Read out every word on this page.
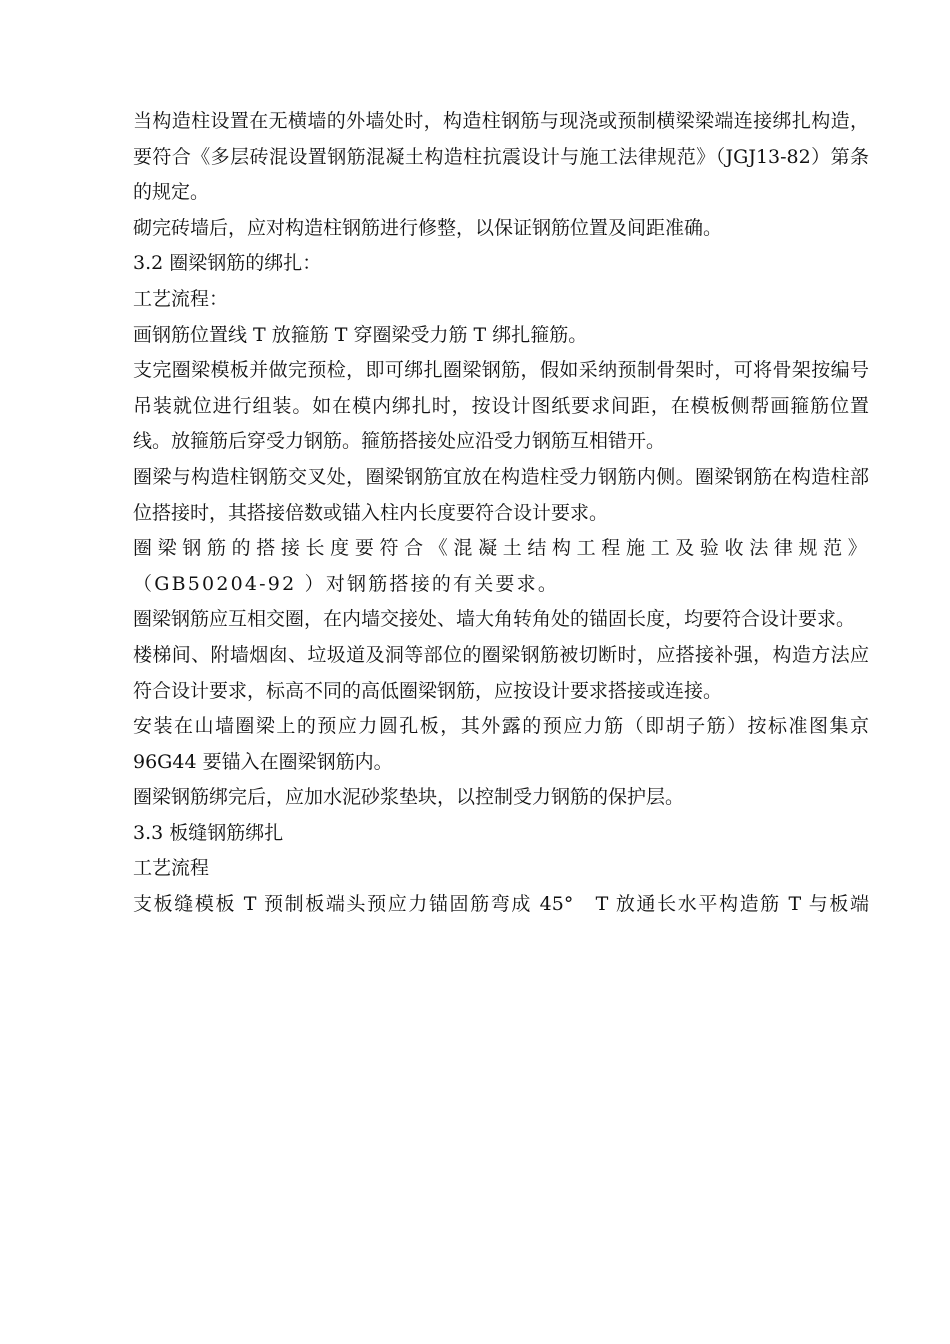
当构造柱设置在无横墙的外墙处时，构造柱钢筋与现浇或预制横梁梁端连接绑扎构造，要符合《多层砖混设置钢筋混凝土构造柱抗震设计与施工法律规范》（JGJ13-82）第条的规定。

砌完砖墙后，应对构造柱钢筋进行修整，以保证钢筋位置及间距准确。

3.2 圈梁钢筋的绑扎：

工艺流程：

画钢筋位置线 T 放箍筋 T 穿圈梁受力筋 T 绑扎箍筋。

支完圈梁模板并做完预检，即可绑扎圈梁钢筋，假如采纳预制骨架时，可将骨架按编号吊装就位进行组装。如在模内绑扎时，按设计图纸要求间距，在模板侧帮画箍筋位置线。放箍筋后穿受力钢筋。箍筋搭接处应沿受力钢筋互相错开。

圈梁与构造柱钢筋交叉处，圈梁钢筋宜放在构造柱受力钢筋内侧。圈梁钢筋在构造柱部位搭接时，其搭接倍数或锚入柱内长度要符合设计要求。

圈梁钢筋的搭接长度要符合《混凝土结构工程施工及验收法律规范》（GB50204-92 ）对钢筋搭接的有关要求。

圈梁钢筋应互相交圈，在内墙交接处、墙大角转角处的锚固长度，均要符合设计要求。

楼梯间、附墙烟囱、垃圾道及洞等部位的圈梁钢筋被切断时，应搭接补强，构造方法应符合设计要求，标高不同的高低圈梁钢筋，应按设计要求搭接或连接。

安装在山墙圈梁上的预应力圆孔板，其外露的预应力筋（即胡子筋）按标准图集京 96G44 要锚入在圈梁钢筋内。

圈梁钢筋绑完后，应加水泥砂浆垫块，以控制受力钢筋的保护层。

3.3 板缝钢筋绑扎

工艺流程

支板缝模板 T 预制板端头预应力锚固筋弯成 45°　T 放通长水平构造筋 T 与板端
